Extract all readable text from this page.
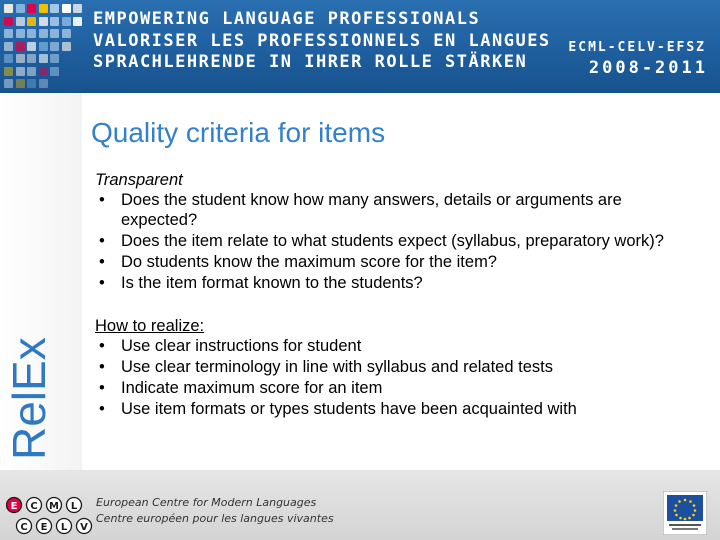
EMPOWERING LANGUAGE PROFESSIONALS
VALORISER LES PROFESSIONNELS EN LANGUES
SPRACHLEHRENDE IN IHRER ROLLE STÄRKEN
ECML-CELV-EFSZ
2008-2011
RelEx
Quality criteria for items

Transparent

• Does the student know how many answers, details or arguments are expected?
• Does the item relate to what students expect (syllabus, preparatory work)?
• Do students know the maximum score for the item?
• Is the item format known to the students?

How to realize:

• Use clear instructions for student
• Use clear terminology in line with syllabus and related tests
• Indicate maximum score for an item
• Use item formats or types students have been acquainted with
E C M L
C E L V
European Centre for Modern Languages
Centre européen pour les langues vivantes
